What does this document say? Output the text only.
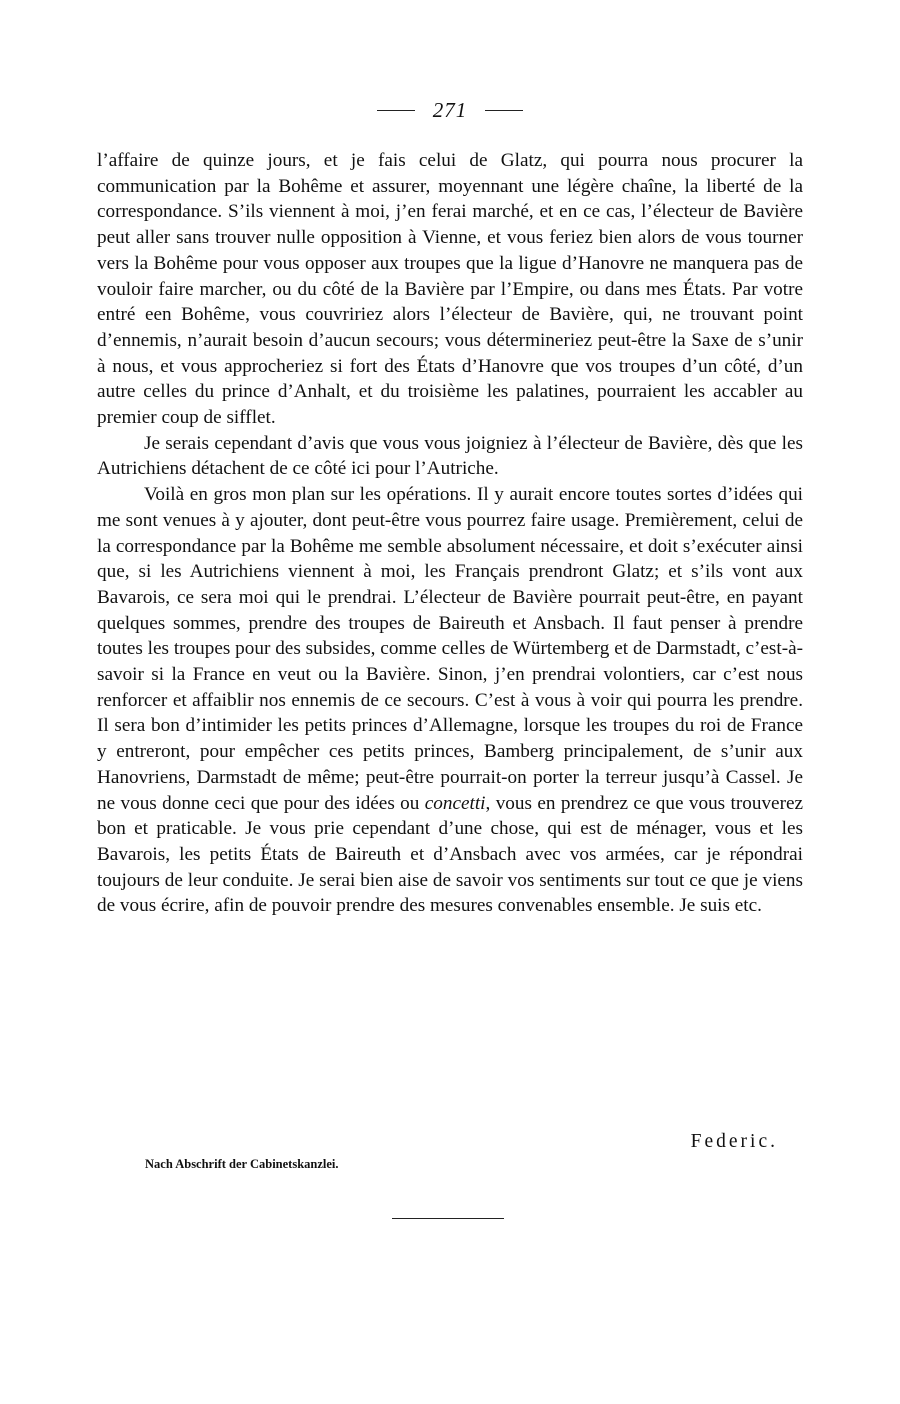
271

l’affaire de quinze jours, et je fais celui de Glatz, qui pourra nous procurer la communication par la Bohême et assurer, moyennant une légère chaîne, la liberté de la correspondance. S’ils viennent à moi, j’en ferai marché, et en ce cas, l’électeur de Bavière peut aller sans trouver nulle opposition à Vienne, et vous feriez bien alors de vous tourner vers la Bohême pour vous opposer aux troupes que la ligue d’Hanovre ne manquera pas de vouloir faire marcher, ou du côté de la Bavière par l’Empire, ou dans mes États. Par votre entré een Bohême, vous couvririez alors l’électeur de Bavière, qui, ne trouvant point d’ennemis, n’aurait besoin d’aucun secours; vous détermineriez peut-être la Saxe de s’unir à nous, et vous approcheriez si fort des États d’Hanovre que vos troupes d’un côté, d’un autre celles du prince d’Anhalt, et du troisième les palatines, pourraient les accabler au premier coup de sifflet.

Je serais cependant d’avis que vous vous joigniez à l’électeur de Bavière, dès que les Autrichiens détachent de ce côté ici pour l’Autriche.

Voilà en gros mon plan sur les opérations. Il y aurait encore toutes sortes d’idées qui me sont venues à y ajouter, dont peut-être vous pourrez faire usage. Premièrement, celui de la correspondance par la Bohême me semble absolument nécessaire, et doit s’exécuter ainsi que, si les Autrichiens viennent à moi, les Français prendront Glatz; et s’ils vont aux Bavarois, ce sera moi qui le prendrai. L’électeur de Bavière pourrait peut-être, en payant quelques sommes, prendre des troupes de Baireuth et Ansbach. Il faut penser à prendre toutes les troupes pour des subsides, comme celles de Würtemberg et de Darmstadt, c’est-à-savoir si la France en veut ou la Bavière. Sinon, j’en prendrai volontiers, car c’est nous renforcer et affaiblir nos ennemis de ce secours. C’est à vous à voir qui pourra les prendre. Il sera bon d’intimider les petits princes d’Allemagne, lorsque les troupes du roi de France y entreront, pour empêcher ces petits princes, Bamberg principalement, de s’unir aux Hanovriens, Darmstadt de même; peut-être pourrait-on porter la terreur jusqu’à Cassel. Je ne vous donne ceci que pour des idées ou concetti, vous en prendrez ce que vous trouverez bon et praticable. Je vous prie cependant d’une chose, qui est de ménager, vous et les Bavarois, les petits États de Baireuth et d’Ansbach avec vos armées, car je répondrai toujours de leur conduite. Je serai bien aise de savoir vos sentiments sur tout ce que je viens de vous écrire, afin de pouvoir prendre des mesures convenables ensemble. Je suis etc.

Federic.
Nach Abschrift der Cabinetskanzlei.
